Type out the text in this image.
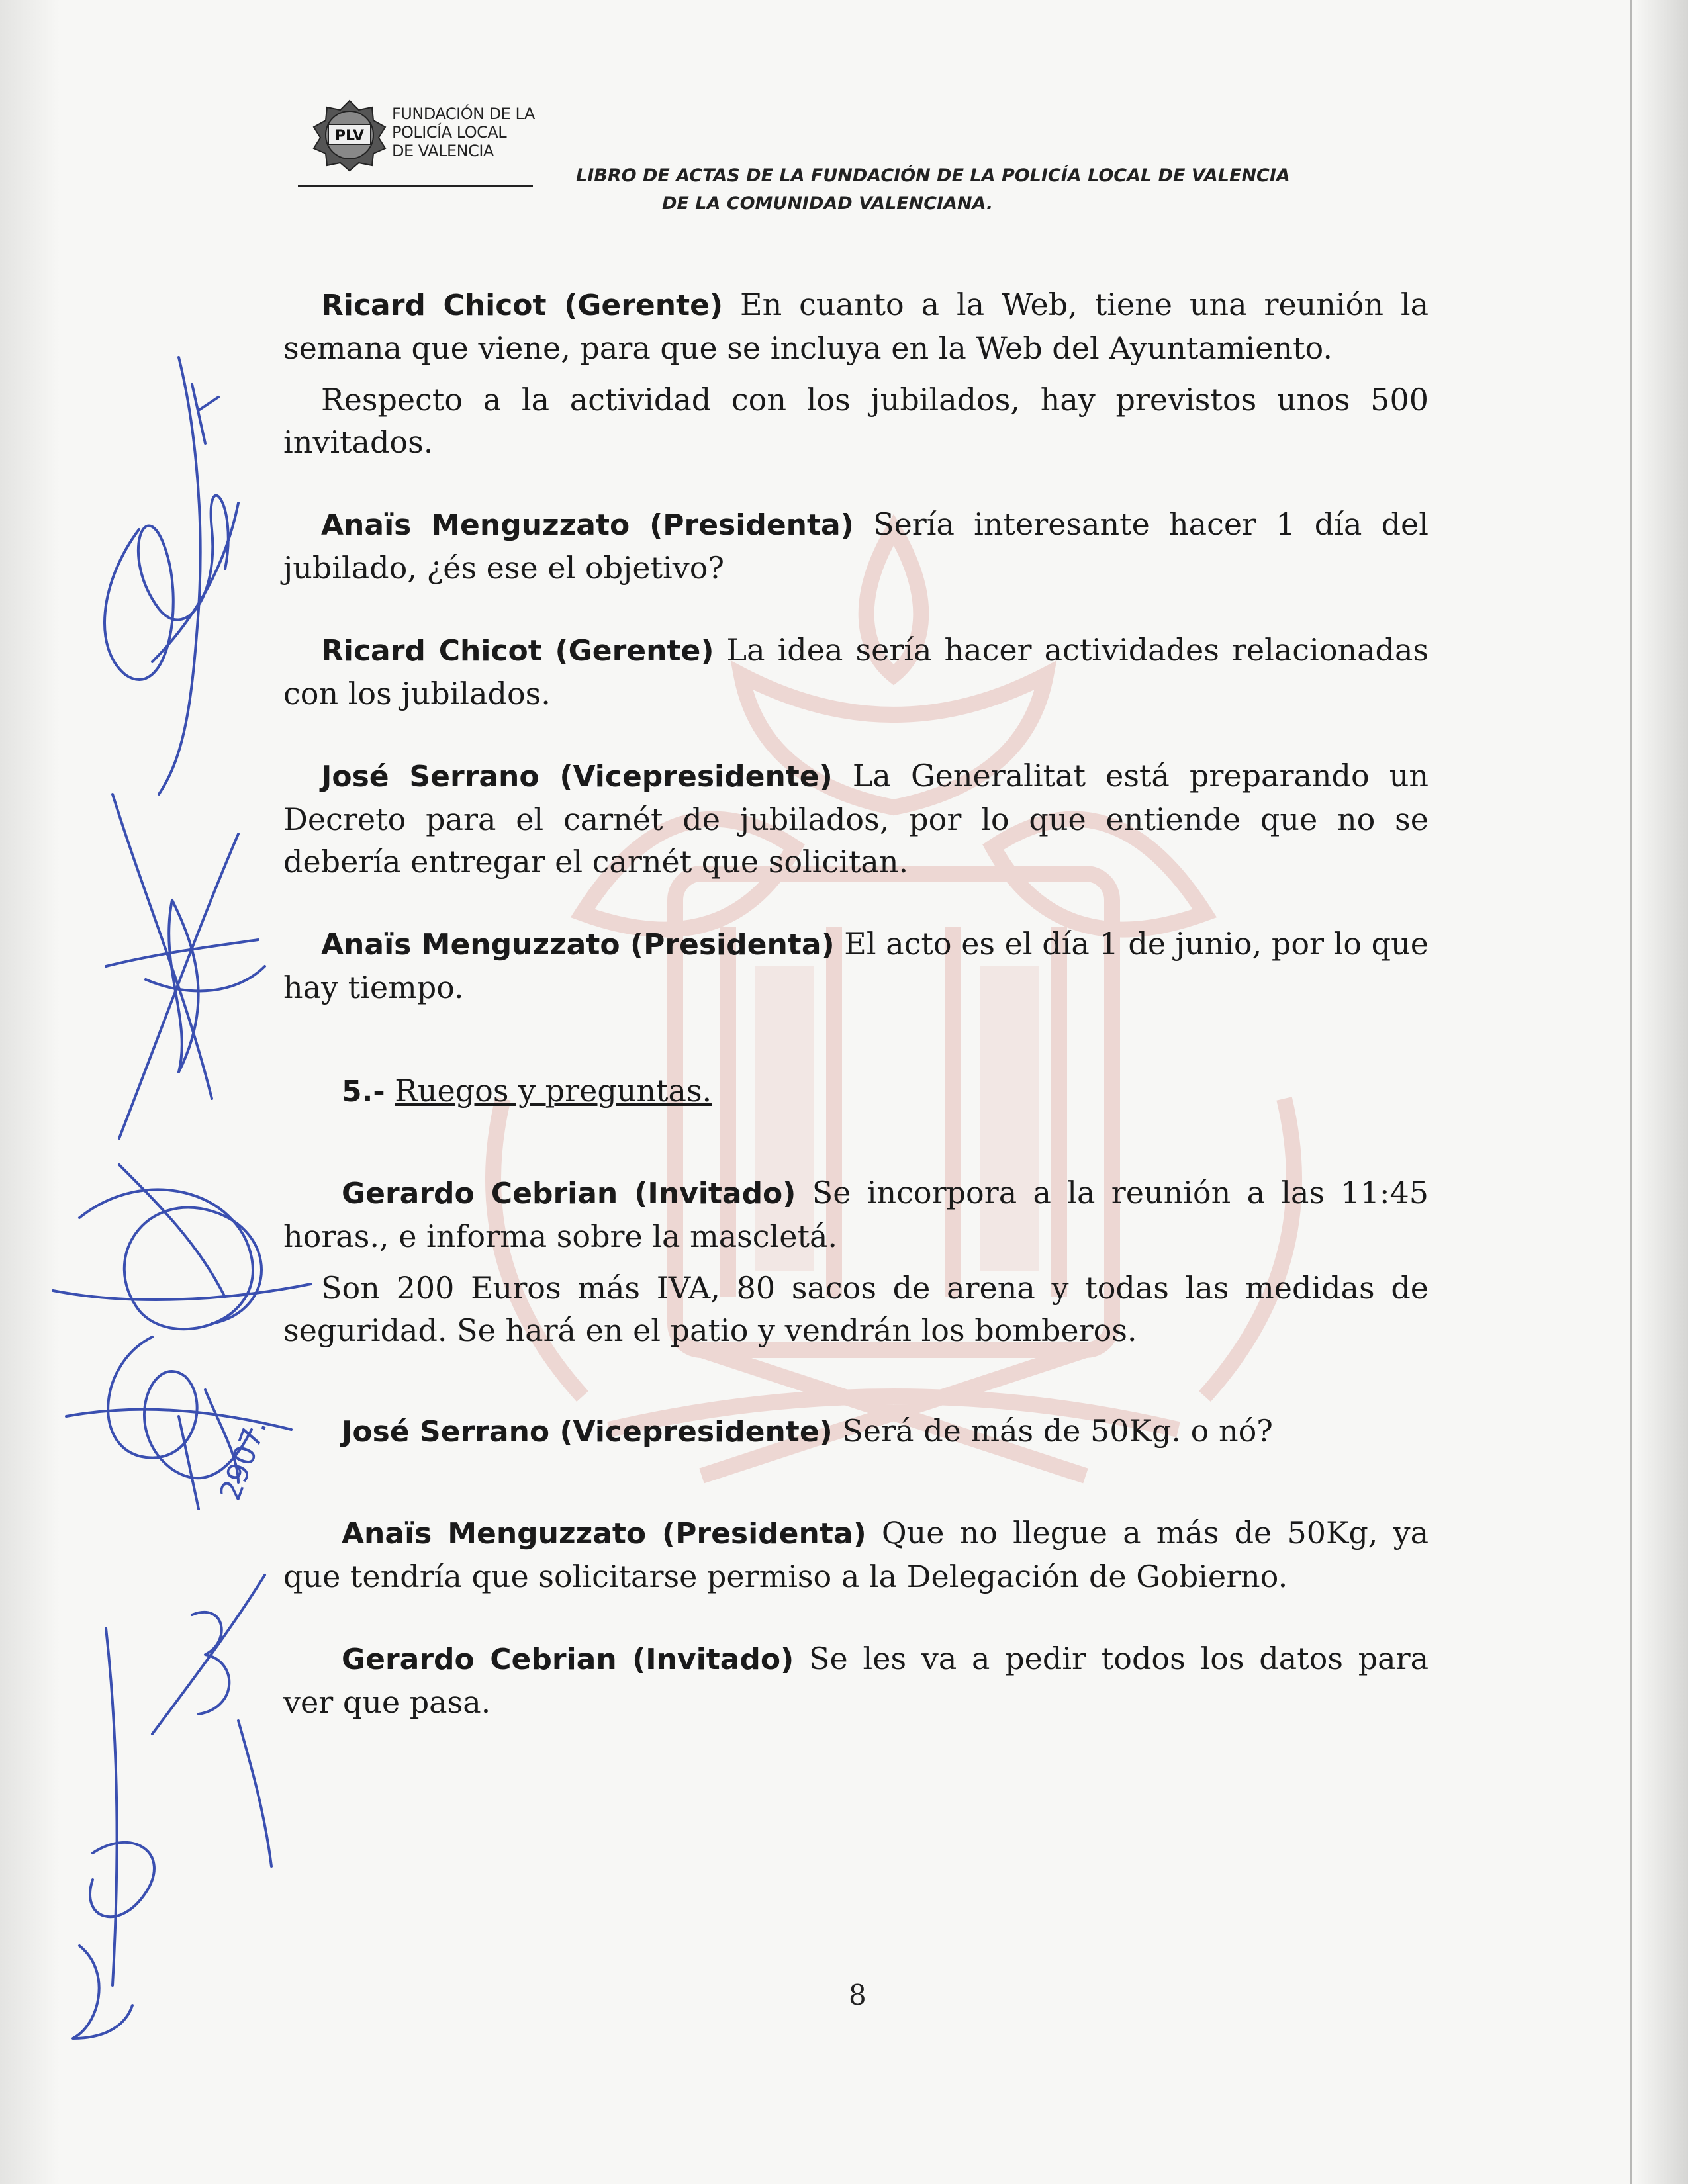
PLV
FUNDACIÓN DE LA
POLICÍA LOCAL
DE VALENCIA
LIBRO DE ACTAS DE LA FUNDACIÓN DE LA POLICÍA LOCAL DE VALENCIA
DE LA COMUNIDAD VALENCIANA.

Ricard Chicot (Gerente) En cuanto a la Web, tiene una reunión la semana que viene, para que se incluya en la Web del Ayuntamiento.

Respecto a la actividad con los jubilados, hay previstos unos 500 invitados.

Anaïs Menguzzato (Presidenta) Sería interesante hacer 1 día del jubilado, ¿és ese el objetivo?

Ricard Chicot (Gerente) La idea sería hacer actividades relacionadas con los jubilados.

José Serrano (Vicepresidente) La Generalitat está preparando un Decreto para el carnét de jubilados, por lo que entiende que no se debería entregar el carnét que solicitan.

Anaïs Menguzzato (Presidenta) El acto es el día 1 de junio, por lo que hay tiempo.

5.- Ruegos y preguntas.

Gerardo Cebrian (Invitado) Se incorpora a la reunión a las 11:45 horas., e informa sobre la mascletá.

Son 200 Euros más IVA, 80 sacos de arena y todas las medidas de seguridad. Se hará en el patio y vendrán los bomberos.

José Serrano (Vicepresidente) Será de más de 50Kg. o nó?

Anaïs Menguzzato (Presidenta) Que no llegue a más de 50Kg, ya que tendría que solicitarse permiso a la Delegación de Gobierno.

Gerardo Cebrian (Invitado) Se les va a pedir todos los datos para ver que pasa.

8
2907.
